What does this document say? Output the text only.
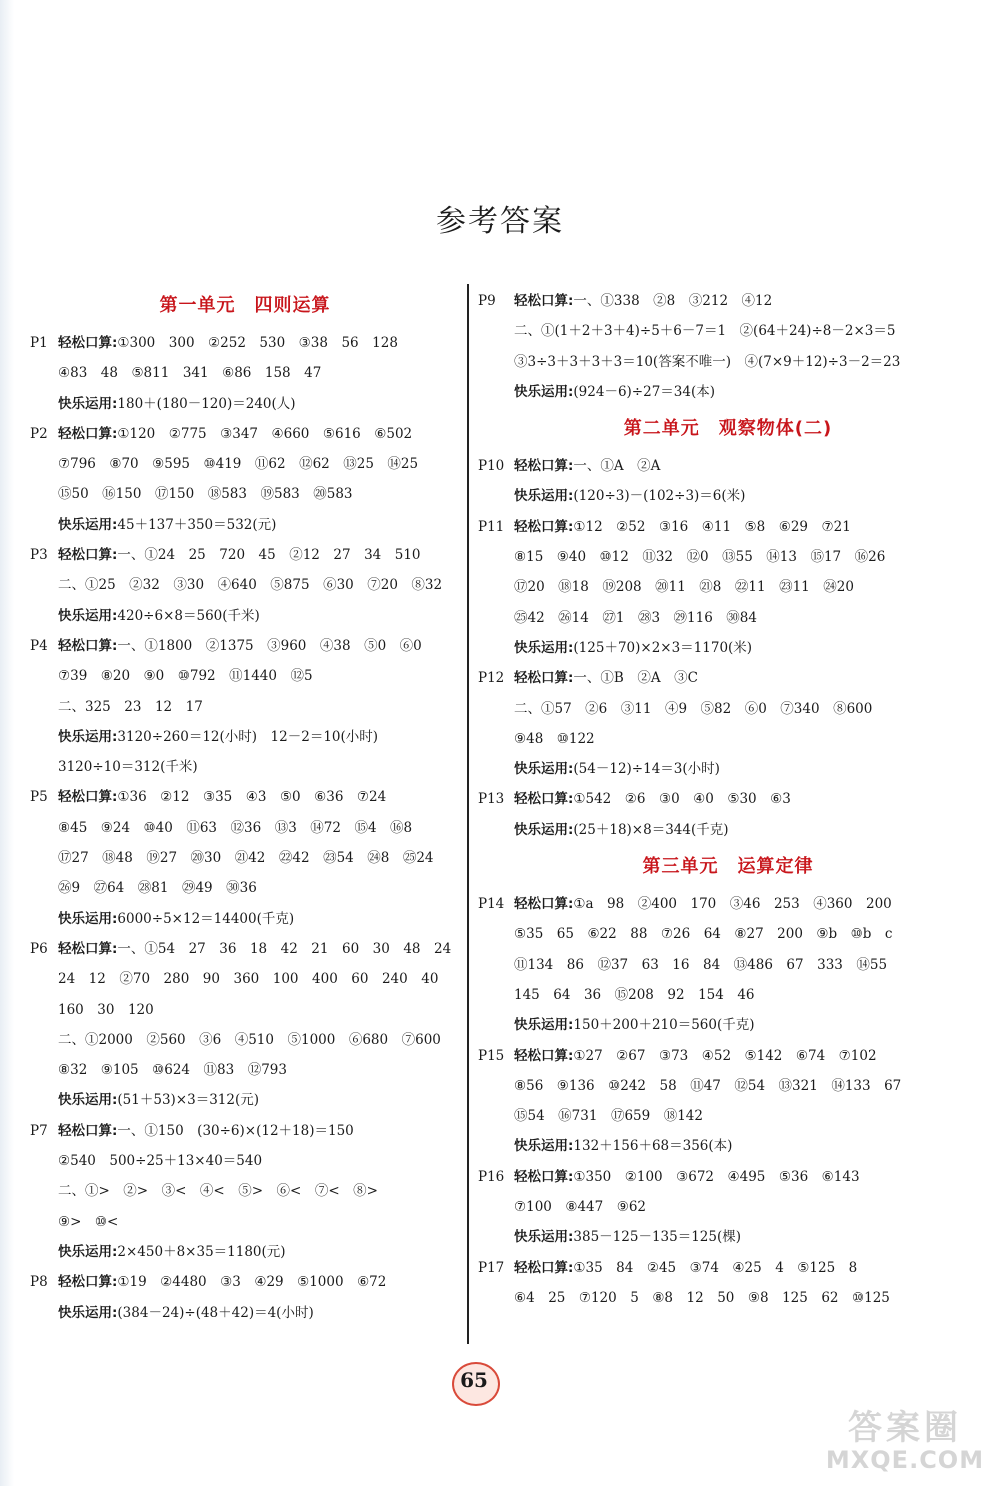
参考答案
第一单元　四则运算
P1 轻松口算:①300　300　②252　530　③38　56　128
④83　48　⑤811　341　⑥86　158　47
快乐运用:180＋(180－120)＝240(人)
P2 轻松口算:①120　②775　③347　④660　⑤616　⑥502
⑦796　⑧70　⑨595　⑩419　⑪62　⑫62　⑬25　⑭25
⑮50　⑯150　⑰150　⑱583　⑲583　⑳583
快乐运用:45＋137＋350＝532(元)
P3 轻松口算:一、①24　25　720　45　②12　27　34　510
二、①25　②32　③30　④640　⑤875　⑥30　⑦20　⑧32
快乐运用:420÷6×8＝560(千米)
P4 轻松口算:一、①1800　②1375　③960　④38　⑤0　⑥0
⑦39　⑧20　⑨0　⑩792　⑪1440　⑫5
二、325　23　12　17
快乐运用:3120÷260＝12(小时)　12－2＝10(小时)
3120÷10＝312(千米)
P5 轻松口算:①36　②12　③35　④3　⑤0　⑥36　⑦24
⑧45　⑨24　⑩40　⑪63　⑫36　⑬3　⑭72　⑮4　⑯8
⑰27　⑱48　⑲27　⑳30　㉑42　㉒42　㉓54　㉔8　㉕24
㉖9　㉗64　㉘81　㉙49　㉚36
快乐运用:6000÷5×12＝14400(千克)
P6 轻松口算:一、①54　27　36　18　42　21　60　30　48　24
24　12　②70　280　90　360　100　400　60　240　40
160　30　120
二、①2000　②560　③6　④510　⑤1000　⑥680　⑦600
⑧32　⑨105　⑩624　⑪83　⑫793
快乐运用:(51＋53)×3＝312(元)
P7 轻松口算:一、①150　(30÷6)×(12＋18)＝150
②540　500÷25＋13×40＝540
二、①>　②>　③<　④<　⑤>　⑥<　⑦<　⑧>
⑨>　⑩<
快乐运用:2×450＋8×35＝1180(元)
P8 轻松口算:①19　②4480　③3　④29　⑤1000　⑥72
快乐运用:(384－24)÷(48＋42)＝4(小时)
P9	轻松口算:一、①338　②8　③212　④12
二、①(1＋2＋3＋4)÷5＋6－7＝1　②(64＋24)÷8－2×3＝5
③3÷3＋3＋3＋3＝10(答案不唯一)　④(7×9＋12)÷3－2＝23
快乐运用:(924－6)÷27＝34(本)
第二单元　观察物体(二)
P10 轻松口算:一、①A　②A
快乐运用:(120÷3)－(102÷3)＝6(米)
P11 轻松口算:①12　②52　③16　④11　⑤8　⑥29　⑦21
⑧15　⑨40　⑩12　⑪32　⑫0　⑬55　⑭13　⑮17　⑯26
⑰20　⑱18　⑲208　⑳11　㉑8　㉒11　㉓11　㉔20
㉕42　㉖14　㉗1　㉘3　㉙116　㉚84
快乐运用:(125＋70)×2×3＝1170(米)
P12 轻松口算:一、①B　②A　③C
二、①57　②6　③11　④9　⑤82　⑥0　⑦340　⑧600
⑨48　⑩122
快乐运用:(54－12)÷14＝3(小时)
P13 轻松口算:①542　②6　③0　④0　⑤30　⑥3
快乐运用:(25＋18)×8＝344(千克)
第三单元　运算定律
P14 轻松口算:①a　98　②400　170　③46　253　④360　200
⑤35　65　⑥22　88　⑦26　64　⑧27　200　⑨b　⑩b　c
⑪134　86　⑫37　63　16　84　⑬486　67　333　⑭55
145　64　36　⑮208　92　154　46
快乐运用:150＋200＋210＝560(千克)
P15 轻松口算:①27　②67　③73　④52　⑤142　⑥74　⑦102
⑧56　⑨136　⑩242　58　⑪47　⑫54　⑬321　⑭133　67
⑮54　⑯731　⑰659　⑱142
快乐运用:132＋156＋68＝356(本)
P16 轻松口算:①350　②100　③672　④495　⑤36　⑥143
⑦100　⑧447　⑨62
快乐运用:385－125－135＝125(棵)
P17 轻松口算:①35　84　②45　③74　④25　4　⑤125　8
⑥4　25　⑦120　5　⑧8　12　50　⑨8　125　62　⑩125
65
答案圈
MXQE.COM
